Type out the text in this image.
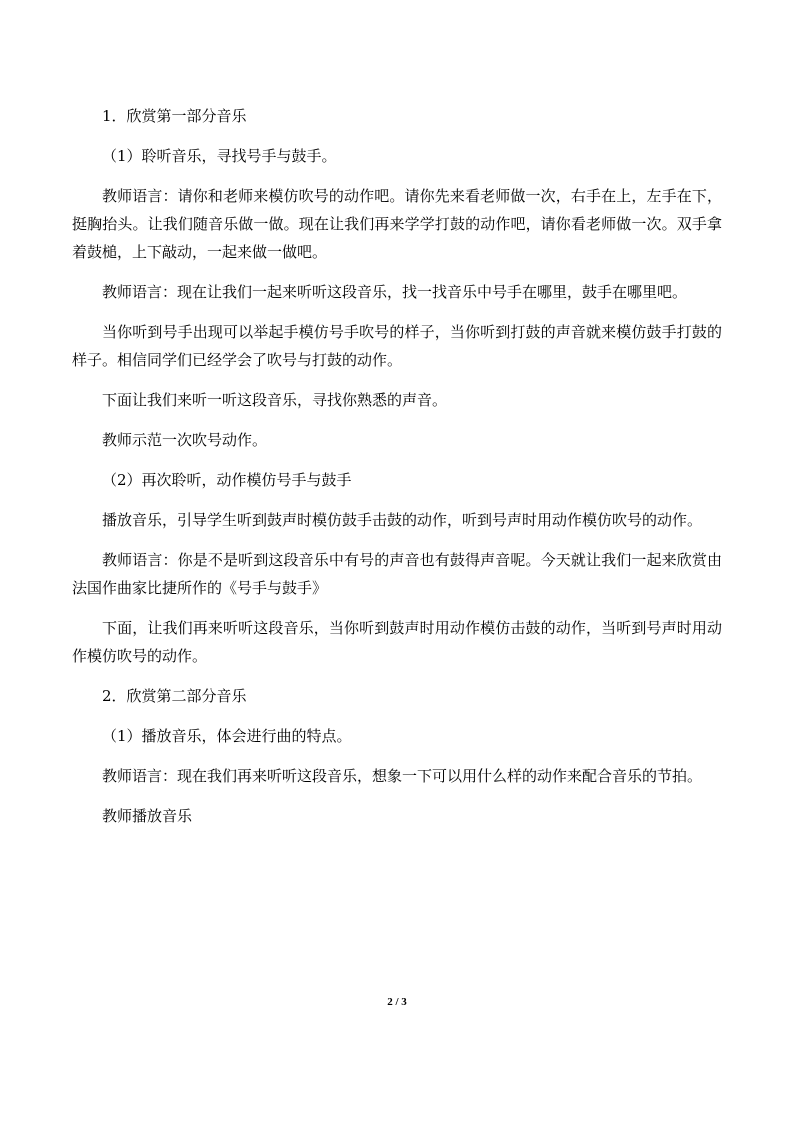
1．欣赏第一部分音乐

（1）聆听音乐，寻找号手与鼓手。

教师语言：请你和老师来模仿吹号的动作吧。请你先来看老师做一次，右手在上，左手在下，挺胸抬头。让我们随音乐做一做。现在让我们再来学学打鼓的动作吧，请你看老师做一次。双手拿着鼓槌，上下敲动，一起来做一做吧。

教师语言：现在让我们一起来听听这段音乐，找一找音乐中号手在哪里，鼓手在哪里吧。

当你听到号手出现可以举起手模仿号手吹号的样子，当你听到打鼓的声音就来模仿鼓手打鼓的样子。相信同学们已经学会了吹号与打鼓的动作。

下面让我们来听一听这段音乐，寻找你熟悉的声音。

教师示范一次吹号动作。

（2）再次聆听，动作模仿号手与鼓手

播放音乐，引导学生听到鼓声时模仿鼓手击鼓的动作，听到号声时用动作模仿吹号的动作。

教师语言：你是不是听到这段音乐中有号的声音也有鼓得声音呢。今天就让我们一起来欣赏由法国作曲家比捷所作的《号手与鼓手》

下面，让我们再来听听这段音乐，当你听到鼓声时用动作模仿击鼓的动作，当听到号声时用动作模仿吹号的动作。

2．欣赏第二部分音乐

（1）播放音乐，体会进行曲的特点。

教师语言：现在我们再来听听这段音乐，想象一下可以用什么样的动作来配合音乐的节拍。

教师播放音乐

2 / 3
